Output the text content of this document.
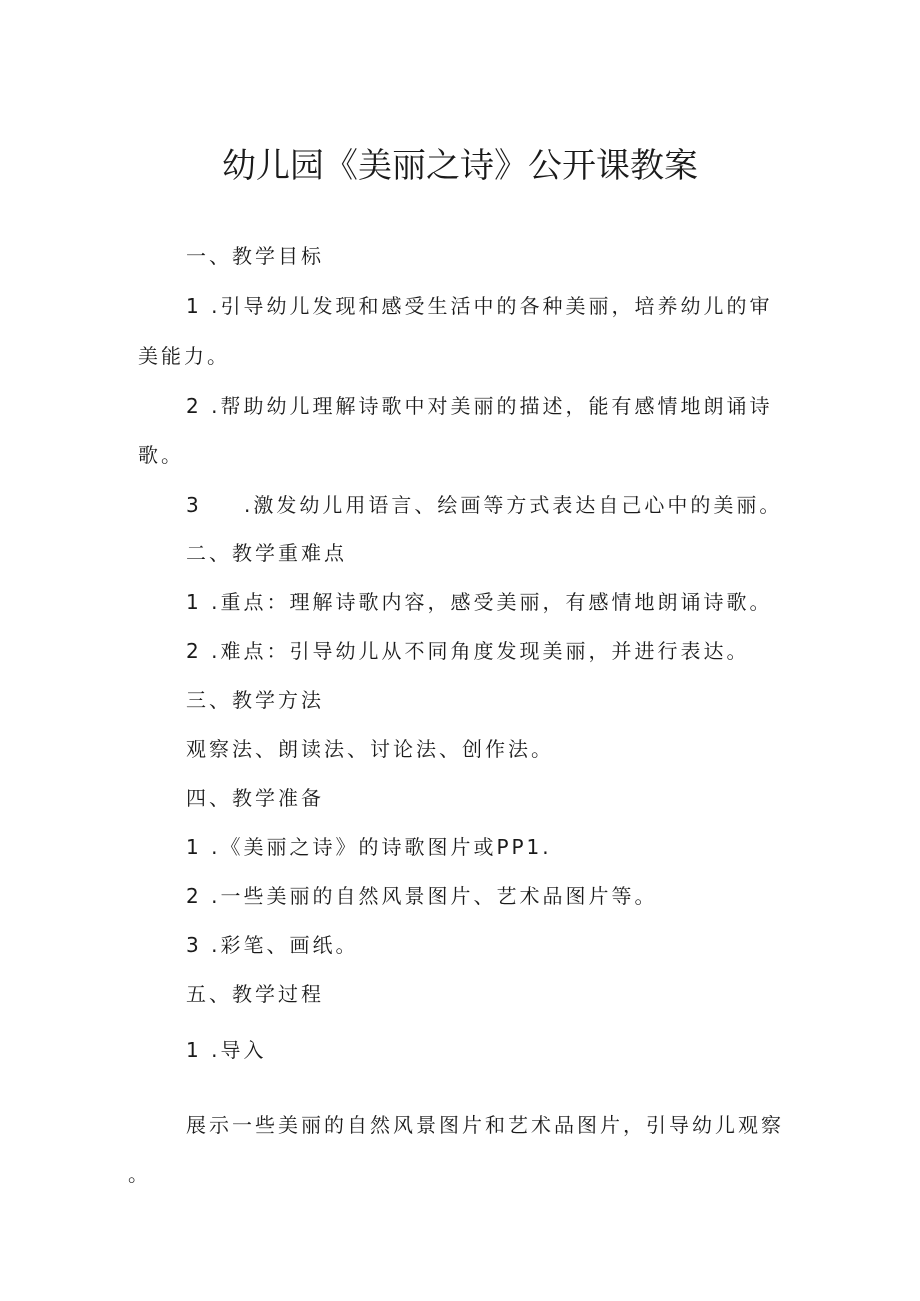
幼儿园《美丽之诗》公开课教案
一、教学目标
1 .引导幼儿发现和感受生活中的各种美丽，培养幼儿的审
美能力。
2 .帮助幼儿理解诗歌中对美丽的描述，能有感情地朗诵诗
歌。
3 .激发幼儿用语言、绘画等方式表达自己心中的美丽。
二、教学重难点
1 .重点：理解诗歌内容，感受美丽，有感情地朗诵诗歌。
2 .难点：引导幼儿从不同角度发现美丽，并进行表达。
三、教学方法
观察法、朗读法、讨论法、创作法。
四、教学准备
1 .《美丽之诗》的诗歌图片或PP1.
2 .一些美丽的自然风景图片、艺术品图片等。
3 .彩笔、画纸。
五、教学过程
1 .导入
展示一些美丽的自然风景图片和艺术品图片，引导幼儿观察
。
